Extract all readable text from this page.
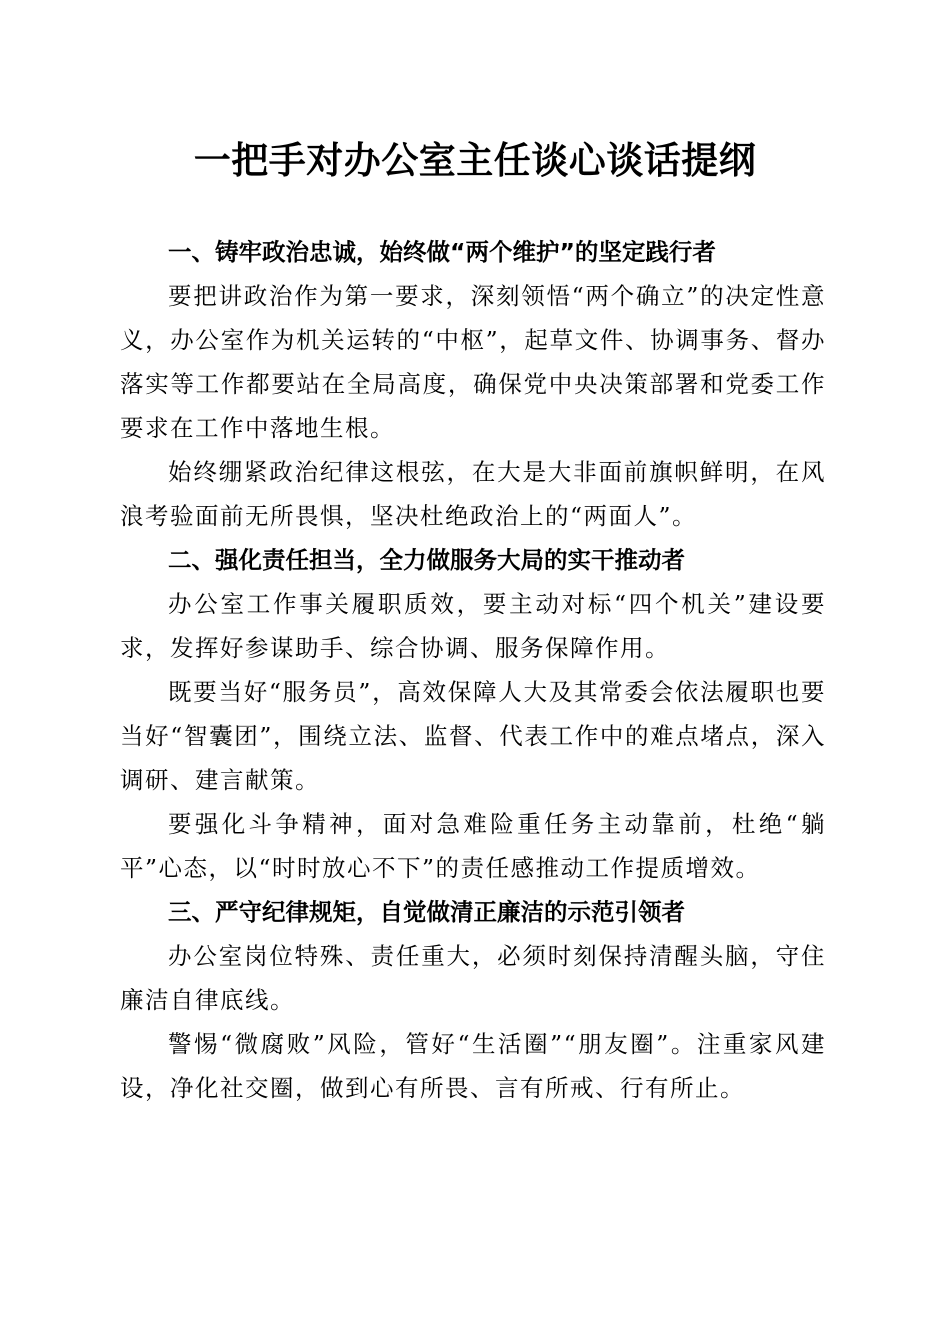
一把手对办公室主任谈心谈话提纲

一、铸牢政治忠诚，始终做“两个维护”的坚定践行者

要把讲政治作为第一要求，深刻领悟“两个确立”的决定性意义，办公室作为机关运转的“中枢”，起草文件、协调事务、督办落实等工作都要站在全局高度，确保党中央决策部署和党委工作要求在工作中落地生根。

始终绷紧政治纪律这根弦，在大是大非面前旗帜鲜明，在风浪考验面前无所畏惧，坚决杜绝政治上的“两面人”。

二、强化责任担当，全力做服务大局的实干推动者

办公室工作事关履职质效，要主动对标“四个机关”建设要求，发挥好参谋助手、综合协调、服务保障作用。

既要当好“服务员”，高效保障人大及其常委会依法履职也要当好“智囊团”，围绕立法、监督、代表工作中的难点堵点，深入调研、建言献策。

要强化斗争精神，面对急难险重任务主动靠前，杜绝“躺平”心态，以“时时放心不下”的责任感推动工作提质增效。

三、严守纪律规矩，自觉做清正廉洁的示范引领者

办公室岗位特殊、责任重大，必须时刻保持清醒头脑，守住廉洁自律底线。

警惕“微腐败”风险，管好“生活圈”“朋友圈”。注重家风建设，净化社交圈，做到心有所畏、言有所戒、行有所止。
